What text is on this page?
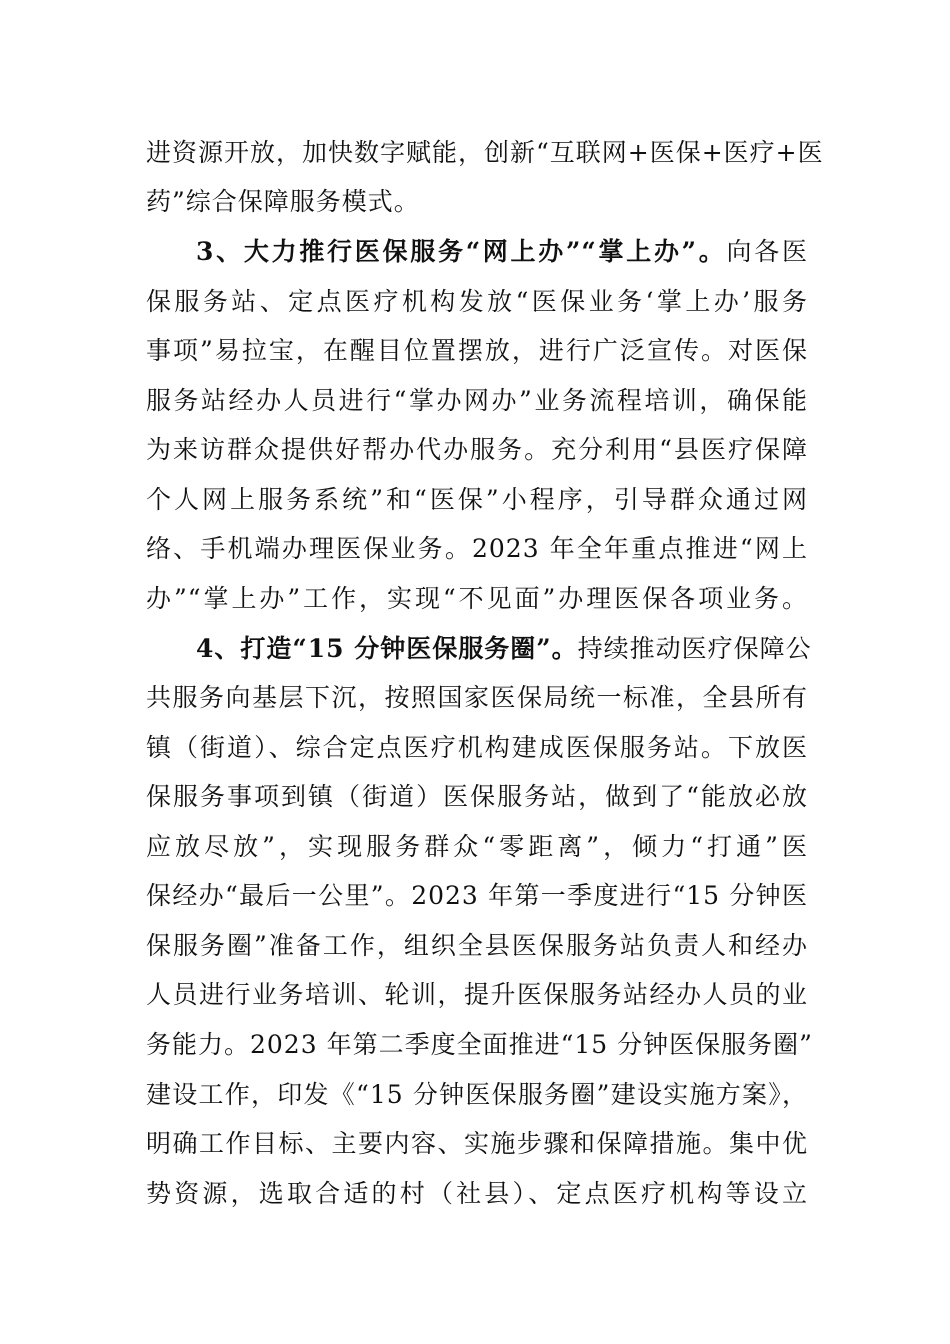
进资源开放，加快数字赋能，创新“互联网+医保+医疗+医
药”综合保障服务模式。
3、大力推行医保服务“网上办”“掌上办”。向各医
保服务站、定点医疗机构发放“医保业务‘掌上办’服务
事项”易拉宝，在醒目位置摆放，进行广泛宣传。对医保
服务站经办人员进行“掌办网办”业务流程培训，确保能
为来访群众提供好帮办代办服务。充分利用“县医疗保障
个人网上服务系统”和“医保”小程序，引导群众通过网
络、手机端办理医保业务。2023 年全年重点推进“网上
办”“掌上办”工作，实现“不见面”办理医保各项业务。
4、打造“15 分钟医保服务圈”。持续推动医疗保障公
共服务向基层下沉，按照国家医保局统一标准，全县所有
镇（街道）、综合定点医疗机构建成医保服务站。下放医
保服务事项到镇（街道）医保服务站，做到了“能放必放
应放尽放”，实现服务群众“零距离”，倾力“打通”医
保经办“最后一公里”。2023 年第一季度进行“15 分钟医
保服务圈”准备工作，组织全县医保服务站负责人和经办
人员进行业务培训、轮训，提升医保服务站经办人员的业
务能力。2023 年第二季度全面推进“15 分钟医保服务圈”
建设工作，印发《“15 分钟医保服务圈”建设实施方案》，
明确工作目标、主要内容、实施步骤和保障措施。集中优
势资源，选取合适的村（社县）、定点医疗机构等设立
